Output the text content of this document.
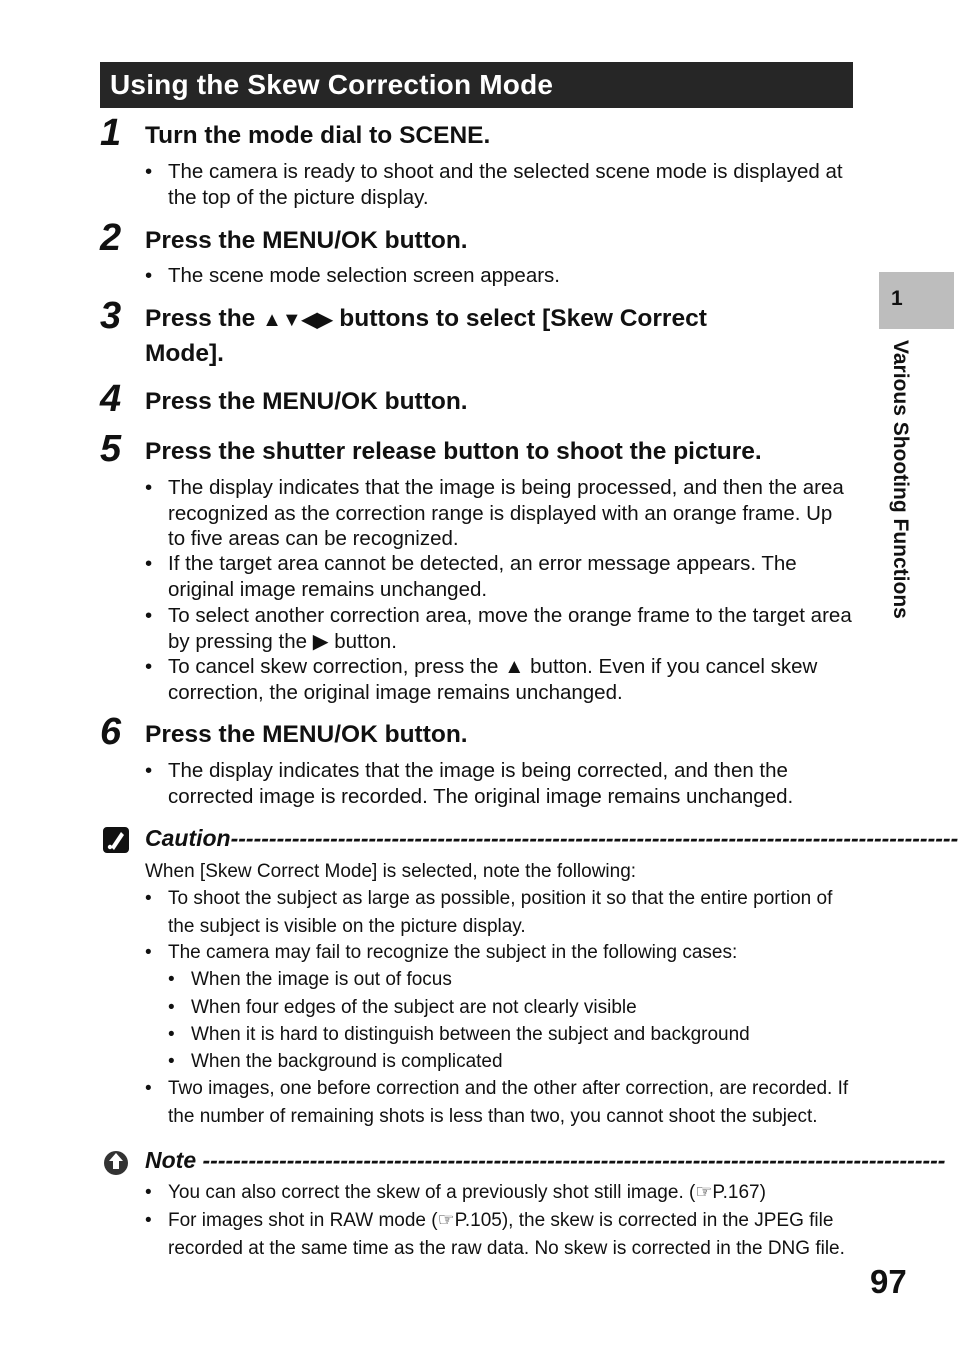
Using the Skew Correction Mode
1 Turn the mode dial to SCENE.
• The camera is ready to shoot and the selected scene mode is displayed at the top of the picture display.
2 Press the MENU/OK button.
• The scene mode selection screen appears.
3 Press the ▲▼◀▶ buttons to select [Skew Correct
Mode].
4 Press the MENU/OK button.
5 Press the shutter release button to shoot the picture.
• The display indicates that the image is being processed, and then the area recognized as the correction range is displayed with an orange frame. Up to five areas can be recognized.
• If the target area cannot be detected, an error message appears. The original image remains unchanged.
• To select another correction area, move the orange frame to the target area by pressing the ▶ button.
• To cancel skew correction, press the ▲ button. Even if you cancel skew correction, the original image remains unchanged.
6 Press the MENU/OK button.
• The display indicates that the image is being corrected, and then the corrected image is recorded. The original image remains unchanged.
Caution-----------------------------------------------------------------------------------------------
When [Skew Correct Mode] is selected, note the following:
• To shoot the subject as large as possible, position it so that the entire portion of the subject is visible on the picture display.
• The camera may fail to recognize the subject in the following cases:
• When the image is out of focus
• When four edges of the subject are not clearly visible
• When it is hard to distinguish between the subject and background
• When the background is complicated
• Two images, one before correction and the other after correction, are recorded. If the number of remaining shots is less than two, you cannot shoot the subject.
Note -------------------------------------------------------------------------------------------------
• You can also correct the skew of a previously shot still image. (☞P.167)
• For images shot in RAW mode (☞P.105), the skew is corrected in the JPEG file recorded at the same time as the raw data. No skew is corrected in the DNG file.
1
Various Shooting Functions
97
